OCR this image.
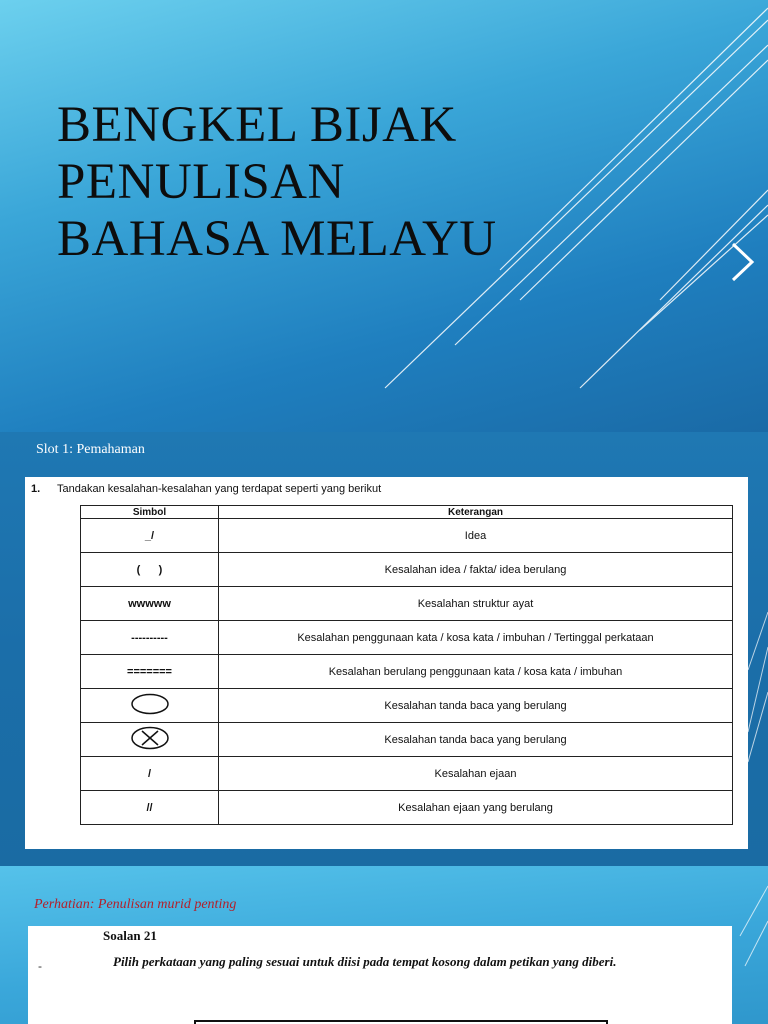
BENGKEL BIJAK
PENULISAN
BAHASA MELAYU
Slot 1: Pemahaman
1. Tandakan kesalahan-kesalahan yang terdapat seperti yang berikut
Simbol	Keterangan
_/	Idea
(      )	Kesalahan idea / fakta/ idea berulang
wwwww	Kesalahan struktur ayat
----------	Kesalahan penggunaan kata / kosa kata / imbuhan / Tertinggal perkataan
=======	Kesalahan berulang penggunaan kata / kosa kata / imbuhan
	Kesalahan tanda baca yang berulang
	Kesalahan tanda baca yang berulang
/	Kesalahan ejaan
//	Kesalahan ejaan yang berulang
Perhatian: Penulisan murid penting
Soalan 21
-	Pilih perkataan yang paling sesuai untuk diisi pada tempat kosong dalam petikan yang diberi.
